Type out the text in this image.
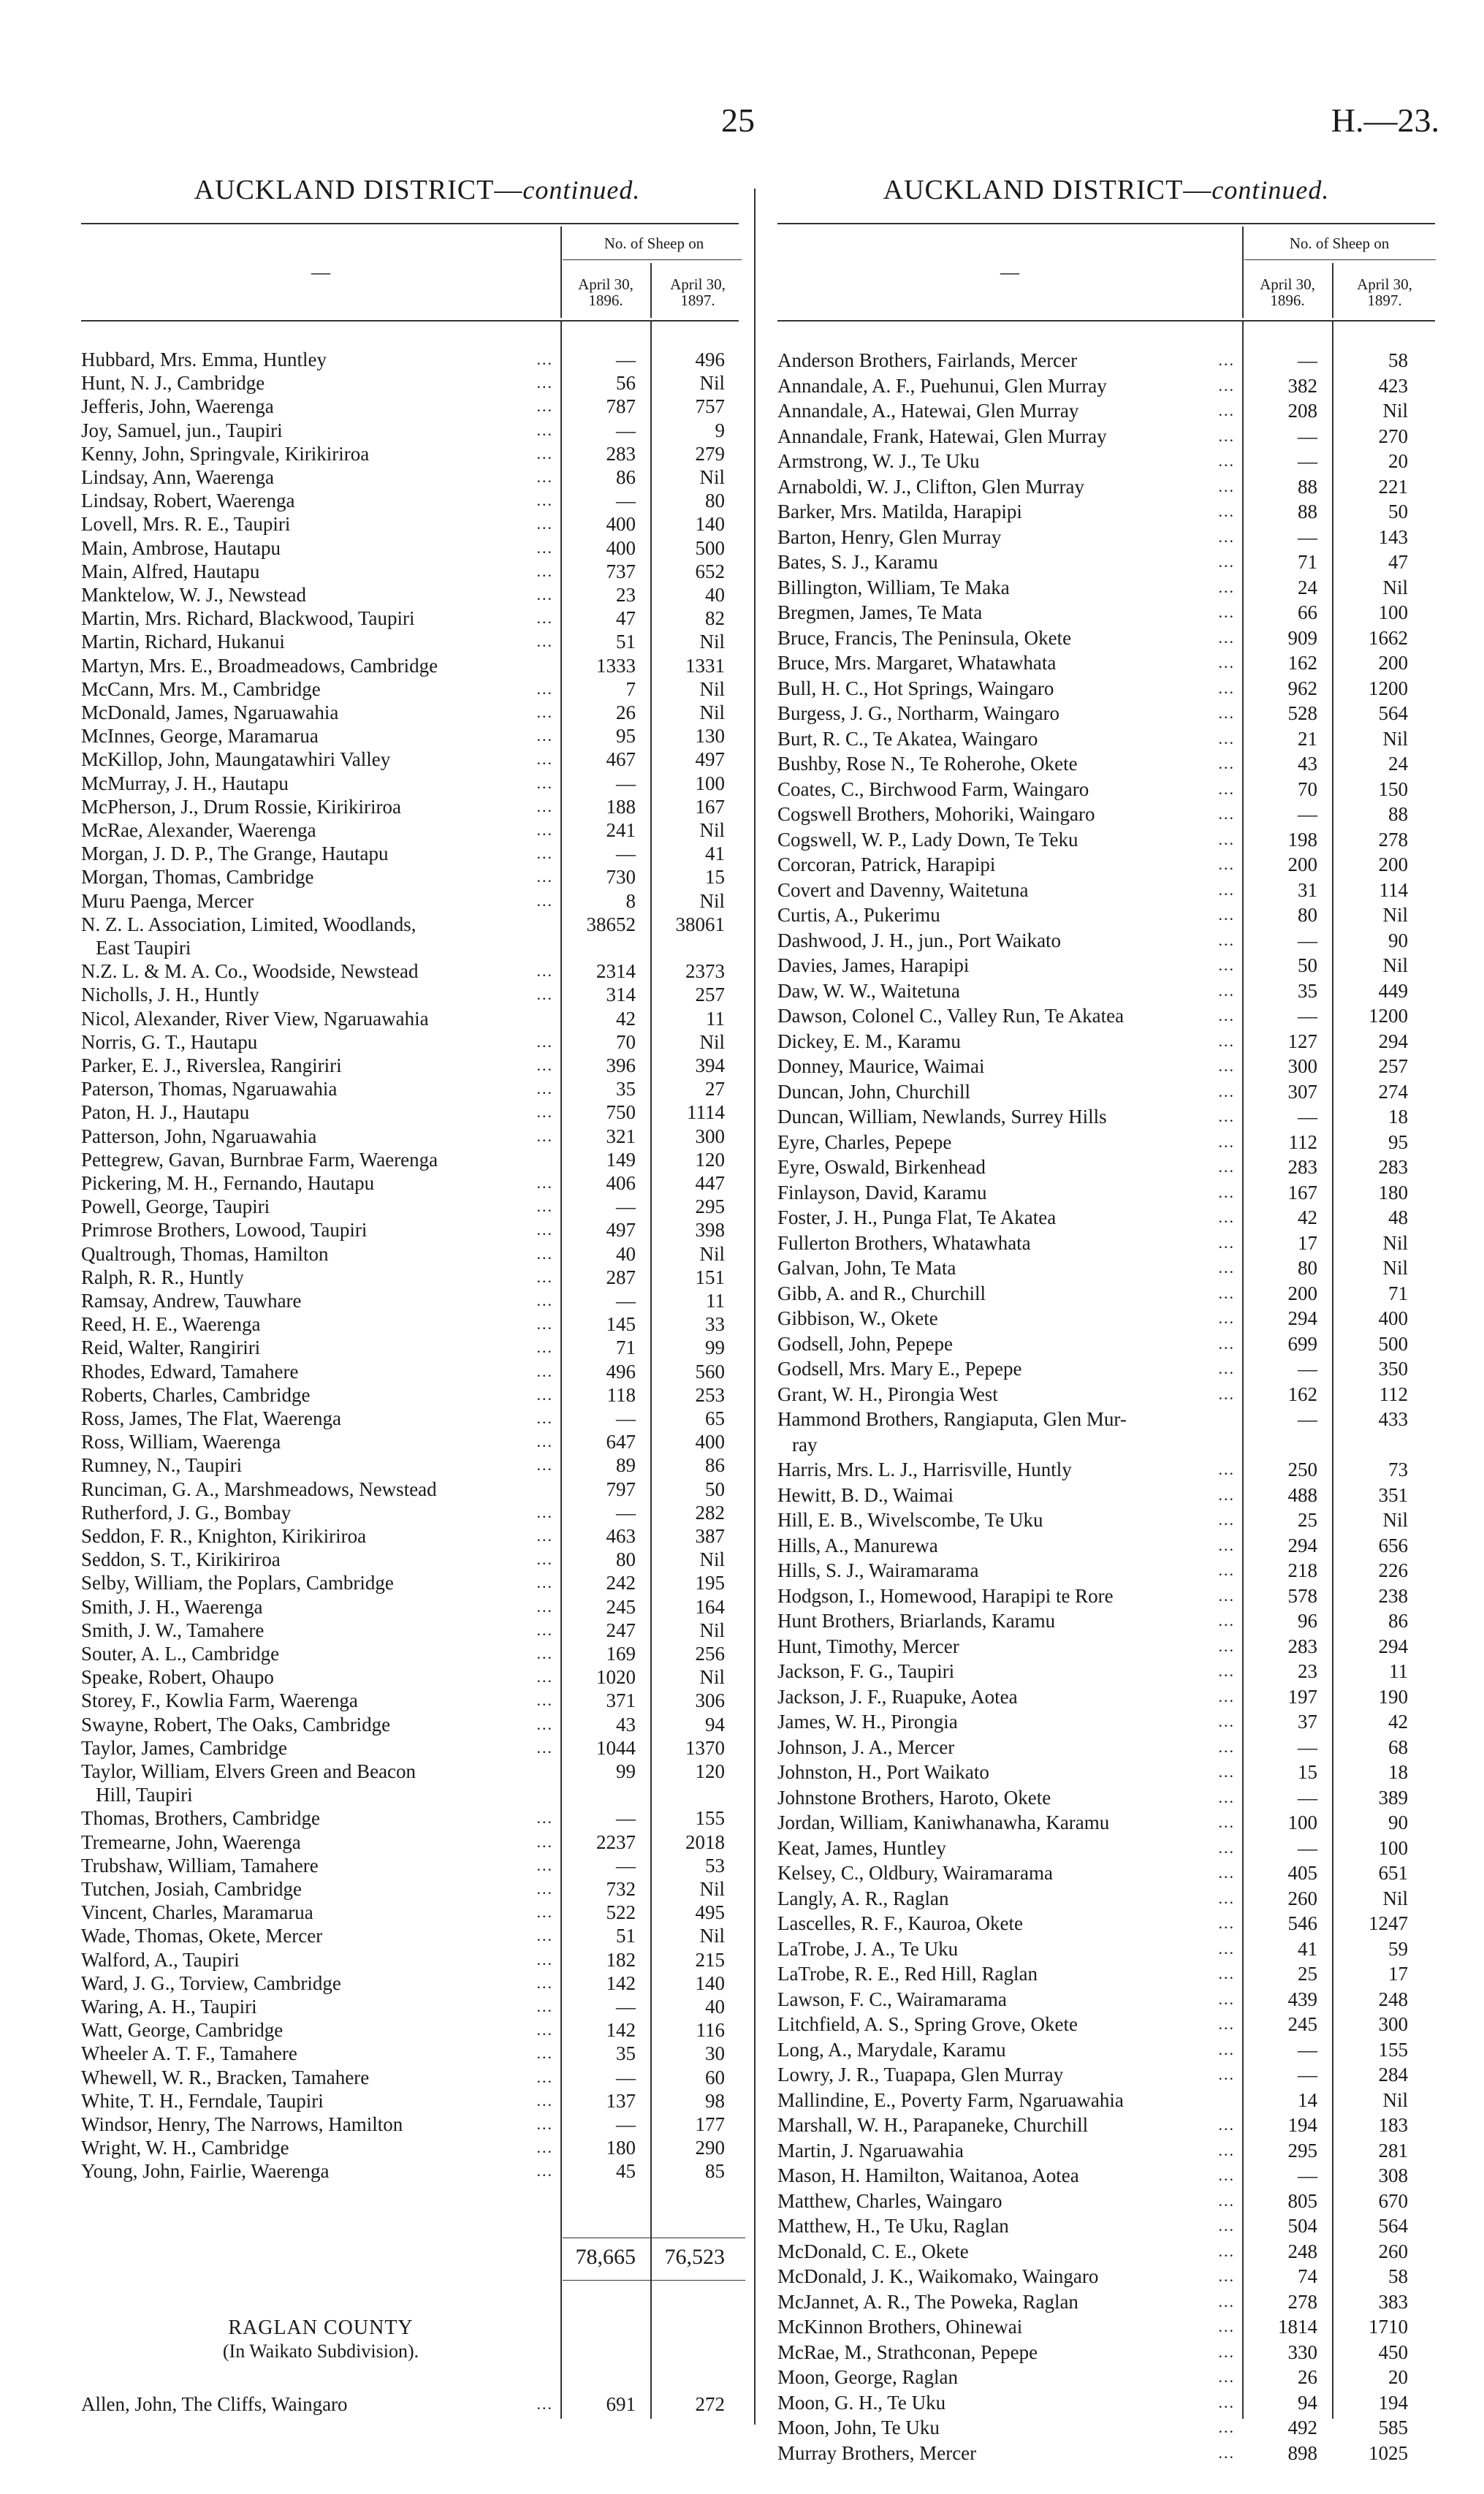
25	H.—23.
AUCKLAND DISTRICT—continued.	AUCKLAND DISTRICT—continued.
No. of Sheep on
—
April 30,
1896.
April 30,
1897.
No. of Sheep on
—
April 30,
1896.
April 30,
1897.
Hubbard, Mrs. Emma, Huntley	...	—	496
Hunt, N. J., Cambridge	...	56	Nil
Jefferis, John, Waerenga	...	787	757
Joy, Samuel, jun., Taupiri	...	—	9
Kenny, John, Springvale, Kirikiriroa	...	283	279
Lindsay, Ann, Waerenga	...	86	Nil
Lindsay, Robert, Waerenga	...	—	80
Lovell, Mrs. R. E., Taupiri	...	400	140
Main, Ambrose, Hautapu	...	400	500
Main, Alfred, Hautapu	...	737	652
Manktelow, W. J., Newstead	...	23	40
Martin, Mrs. Richard, Blackwood, Taupiri	...	47	82
Martin, Richard, Hukanui	...	51	Nil
Martyn, Mrs. E., Broadmeadows, Cambridge	1333	1331
McCann, Mrs. M., Cambridge	...	7	Nil
McDonald, James, Ngaruawahia	...	26	Nil
McInnes, George, Maramarua	...	95	130
McKillop, John, Maungatawhiri Valley	...	467	497
McMurray, J. H., Hautapu	...	—	100
McPherson, J., Drum Rossie, Kirikiriroa	...	188	167
McRae, Alexander, Waerenga	...	241	Nil
Morgan, J. D. P., The Grange, Hautapu	...	—	41
Morgan, Thomas, Cambridge	...	730	15
Muru Paenga, Mercer	...	8	Nil
N. Z. L. Association, Limited, Woodlands,
East Taupiri
38652	38061
N.Z. L. & M. A. Co., Woodside, Newstead	...	2314	2373
Nicholls, J. H., Huntly	...	314	257
Nicol, Alexander, River View, Ngaruawahia	42	11
Norris, G. T., Hautapu	...	70	Nil
Parker, E. J., Riverslea, Rangiriri	...	396	394
Paterson, Thomas, Ngaruawahia	...	35	27
Paton, H. J., Hautapu	...	750	1114
Patterson, John, Ngaruawahia	...	321	300
Pettegrew, Gavan, Burnbrae Farm, Waerenga	149	120
Pickering, M. H., Fernando, Hautapu	...	406	447
Powell, George, Taupiri	...	—	295
Primrose Brothers, Lowood, Taupiri	...	497	398
Qualtrough, Thomas, Hamilton	...	40	Nil
Ralph, R. R., Huntly	...	287	151
Ramsay, Andrew, Tauwhare	...	—	11
Reed, H. E., Waerenga	...	145	33
Reid, Walter, Rangiriri	...	71	99
Rhodes, Edward, Tamahere	...	496	560
Roberts, Charles, Cambridge	...	118	253
Ross, James, The Flat, Waerenga	...	—	65
Ross, William, Waerenga	...	647	400
Rumney, N., Taupiri	...	89	86
Runciman, G. A., Marshmeadows, Newstead	797	50
Rutherford, J. G., Bombay	...	—	282
Seddon, F. R., Knighton, Kirikiriroa	...	463	387
Seddon, S. T., Kirikiriroa	...	80	Nil
Selby, William, the Poplars, Cambridge	...	242	195
Smith, J. H., Waerenga	...	245	164
Smith, J. W., Tamahere	...	247	Nil
Souter, A. L., Cambridge	...	169	256
Speake, Robert, Ohaupo	...	1020	Nil
Storey, F., Kowlia Farm, Waerenga	...	371	306
Swayne, Robert, The Oaks, Cambridge	...	43	94
Taylor, James, Cambridge	...	1044	1370
Taylor, William, Elvers Green and Beacon
Hill, Taupiri
99	120
Thomas, Brothers, Cambridge	...	—	155
Tremearne, John, Waerenga	...	2237	2018
Trubshaw, William, Tamahere	...	—	53
Tutchen, Josiah, Cambridge	...	732	Nil
Vincent, Charles, Maramarua	...	522	495
Wade, Thomas, Okete, Mercer	...	51	Nil
Walford, A., Taupiri	...	182	215
Ward, J. G., Torview, Cambridge	...	142	140
Waring, A. H., Taupiri	...	—	40
Watt, George, Cambridge	...	142	116
Wheeler A. T. F., Tamahere	...	35	30
Whewell, W. R., Bracken, Tamahere	...	—	60
White, T. H., Ferndale, Taupiri	...	137	98
Windsor, Henry, The Narrows, Hamilton	...	—	177
Wright, W. H., Cambridge	...	180	290
Young, John, Fairlie, Waerenga	...	45	85
Anderson Brothers, Fairlands, Mercer	...	—	58
Annandale, A. F., Puehunui, Glen Murray	...	382	423
Annandale, A., Hatewai, Glen Murray	...	208	Nil
Annandale, Frank, Hatewai, Glen Murray	...	—	270
Armstrong, W. J., Te Uku	...	—	20
Arnaboldi, W. J., Clifton, Glen Murray	...	88	221
Barker, Mrs. Matilda, Harapipi	...	88	50
Barton, Henry, Glen Murray	...	—	143
Bates, S. J., Karamu	...	71	47
Billington, William, Te Maka	...	24	Nil
Bregmen, James, Te Mata	...	66	100
Bruce, Francis, The Peninsula, Okete	...	909	1662
Bruce, Mrs. Margaret, Whatawhata	...	162	200
Bull, H. C., Hot Springs, Waingaro	...	962	1200
Burgess, J. G., Northarm, Waingaro	...	528	564
Burt, R. C., Te Akatea, Waingaro	...	21	Nil
Bushby, Rose N., Te Roherohe, Okete	...	43	24
Coates, C., Birchwood Farm, Waingaro	...	70	150
Cogswell Brothers, Mohoriki, Waingaro	...	—	88
Cogswell, W. P., Lady Down, Te Teku	...	198	278
Corcoran, Patrick, Harapipi	...	200	200
Covert and Davenny, Waitetuna	...	31	114
Curtis, A., Pukerimu	...	80	Nil
Dashwood, J. H., jun., Port Waikato	...	—	90
Davies, James, Harapipi	...	50	Nil
Daw, W. W., Waitetuna	...	35	449
Dawson, Colonel C., Valley Run, Te Akatea	...	—	1200
Dickey, E. M., Karamu	...	127	294
Donney, Maurice, Waimai	...	300	257
Duncan, John, Churchill	...	307	274
Duncan, William, Newlands, Surrey Hills	...	—	18
Eyre, Charles, Pepepe	...	112	95
Eyre, Oswald, Birkenhead	...	283	283
Finlayson, David, Karamu	...	167	180
Foster, J. H., Punga Flat, Te Akatea	...	42	48
Fullerton Brothers, Whatawhata	...	17	Nil
Galvan, John, Te Mata	...	80	Nil
Gibb, A. and R., Churchill	...	200	71
Gibbison, W., Okete	...	294	400
Godsell, John, Pepepe	...	699	500
Godsell, Mrs. Mary E., Pepepe	...	—	350
Grant, W. H., Pirongia West	...	162	112
Hammond Brothers, Rangiaputa, Glen Mur-
ray
—	433
Harris, Mrs. L. J., Harrisville, Huntly	...	250	73
Hewitt, B. D., Waimai	...	488	351
Hill, E. B., Wivelscombe, Te Uku	...	25	Nil
Hills, A., Manurewa	...	294	656
Hills, S. J., Wairamarama	...	218	226
Hodgson, I., Homewood, Harapipi te Rore	...	578	238
Hunt Brothers, Briarlands, Karamu	...	96	86
Hunt, Timothy, Mercer	...	283	294
Jackson, F. G., Taupiri	...	23	11
Jackson, J. F., Ruapuke, Aotea	...	197	190
James, W. H., Pirongia	...	37	42
Johnson, J. A., Mercer	...	—	68
Johnston, H., Port Waikato	...	15	18
Johnstone Brothers, Haroto, Okete	...	—	389
Jordan, William, Kaniwhanawha, Karamu	...	100	90
Keat, James, Huntley	...	—	100
Kelsey, C., Oldbury, Wairamarama	...	405	651
Langly, A. R., Raglan	...	260	Nil
Lascelles, R. F., Kauroa, Okete	...	546	1247
LaTrobe, J. A., Te Uku	...	41	59
LaTrobe, R. E., Red Hill, Raglan	...	25	17
Lawson, F. C., Wairamarama	...	439	248
Litchfield, A. S., Spring Grove, Okete	...	245	300
Long, A., Marydale, Karamu	...	—	155
Lowry, J. R., Tuapapa, Glen Murray	...	—	284
Mallindine, E., Poverty Farm, Ngaruawahia	14	Nil
Marshall, W. H., Parapaneke, Churchill	...	194	183
Martin, J. Ngaruawahia	...	295	281
Mason, H. Hamilton, Waitanoa, Aotea	...	—	308
Matthew, Charles, Waingaro	...	805	670
Matthew, H., Te Uku, Raglan	...	504	564
McDonald, C. E., Okete	...	248	260
McDonald, J. K., Waikomako, Waingaro	...	74	58
McJannet, A. R., The Poweka, Raglan	...	278	383
McKinnon Brothers, Ohinewai	...	1814	1710
McRae, M., Strathconan, Pepepe	...	330	450
Moon, George, Raglan	...	26	20
Moon, G. H., Te Uku	...	94	194
Moon, John, Te Uku	...	492	585
Murray Brothers, Mercer	...	898	1025
78,665	76,523
RAGLAN COUNTY
(In Waikato Subdivision).
Allen, John, The Cliffs, Waingaro	...	691	272
